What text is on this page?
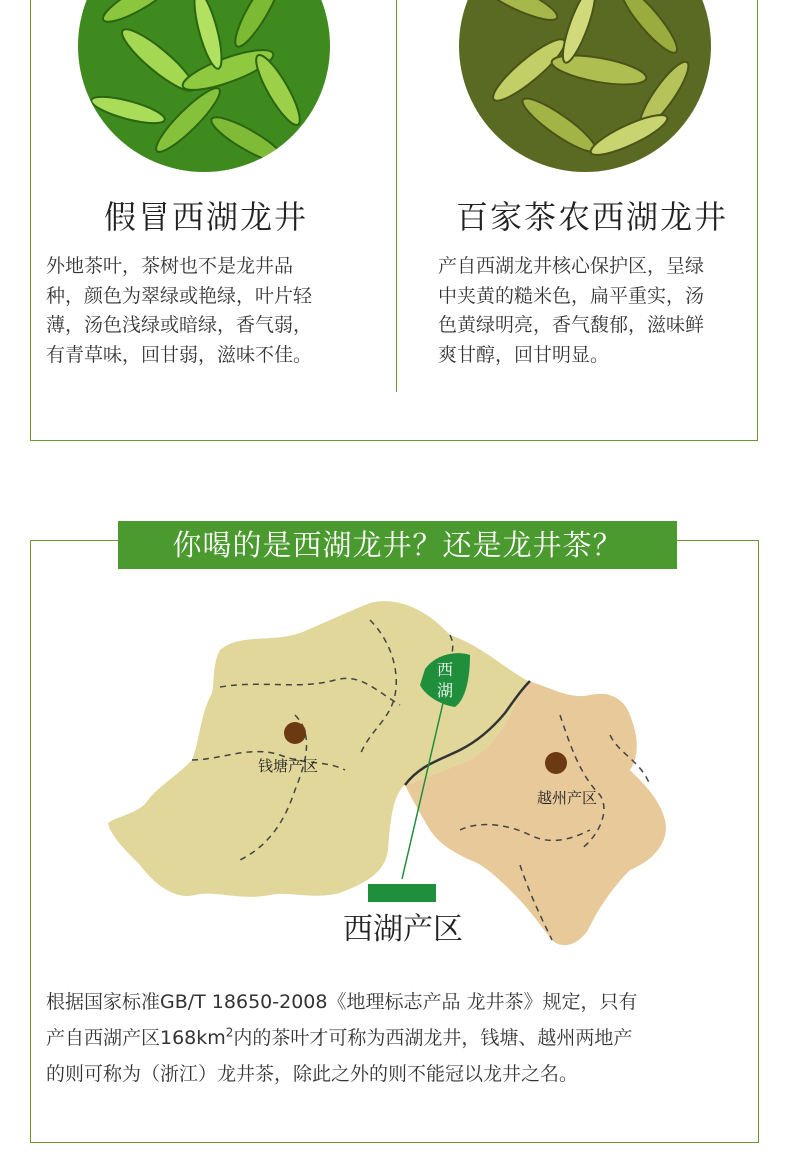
假冒西湖龙井	百家茶农西湖龙井
外地茶叶，茶树也不是龙井品
种，颜色为翠绿或艳绿，叶片轻
薄，汤色浅绿或暗绿，香气弱，
有青草味，回甘弱，滋味不佳。
产自西湖龙井核心保护区，呈绿
中夹黄的糙米色，扁平重实，汤
色黄绿明亮，香气馥郁，滋味鲜
爽甘醇，回甘明显。
你喝的是西湖龙井？还是龙井茶？
西
湖
钱塘产区
越州产区
西湖产区
根据国家标准GB/T 18650-2008《地理标志产品 龙井茶》规定，只有
产自西湖产区$168km^2$内的茶叶才可称为西湖龙井，钱塘、越州两地产
的则可称为（浙江）龙井茶，除此之外的则不能冠以龙井之名。
